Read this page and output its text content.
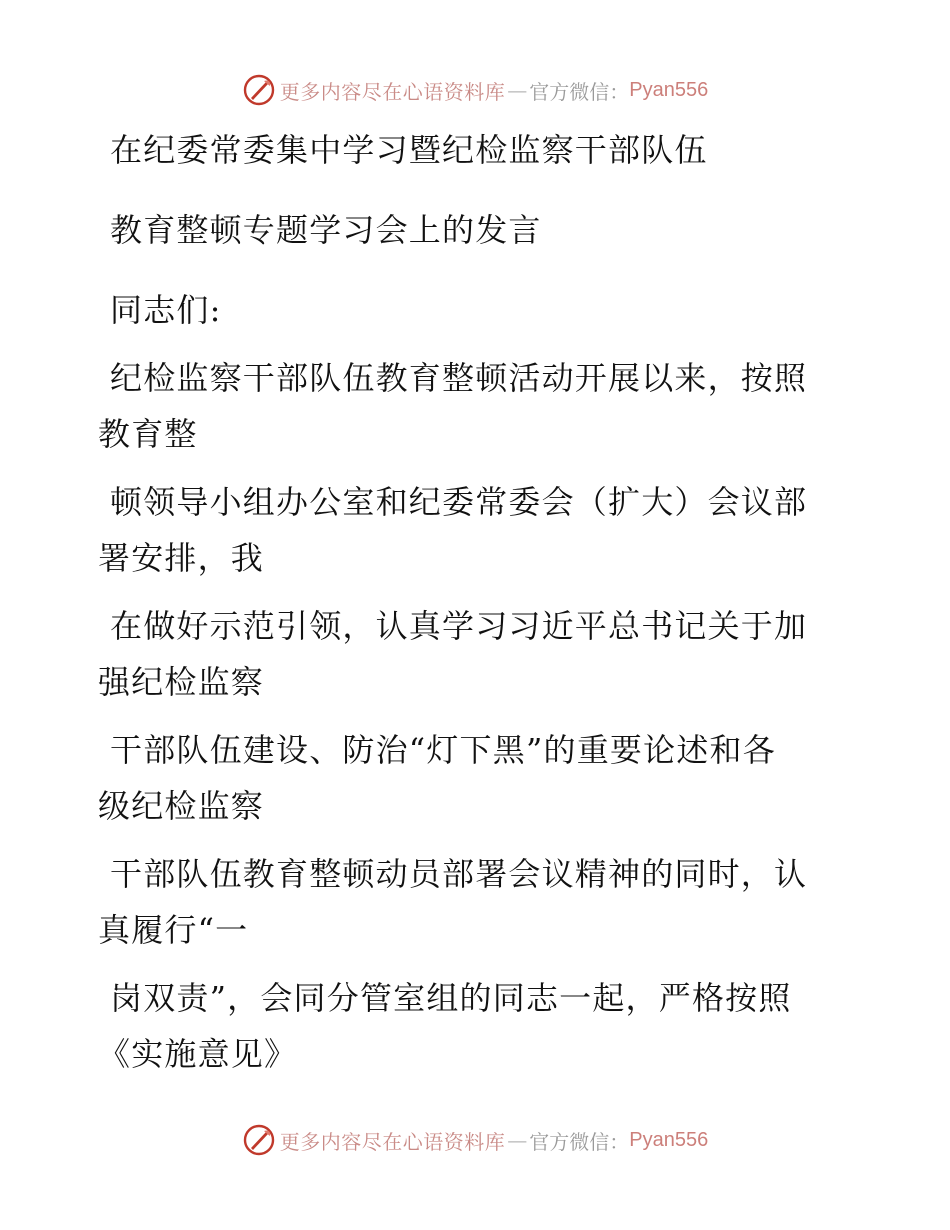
更多内容尽在心语资料库 — 官方微信： Pyan556
在纪委常委集中学习暨纪检监察干部队伍
教育整顿专题学习会上的发言
同志们:
纪检监察干部队伍教育整顿活动开展以来，按照
教育整
顿领导小组办公室和纪委常委会（扩大）会议部
署安排，我
在做好示范引领，认真学习习近平总书记关于加
强纪检监察
干部队伍建设、防治“灯下黑”的重要论述和各
级纪检监察
干部队伍教育整顿动员部署会议精神的同时，认
真履行“一
岗双责”，会同分管室组的同志一起，严格按照
《实施意见》
更多内容尽在心语资料库 — 官方微信： Pyan556
